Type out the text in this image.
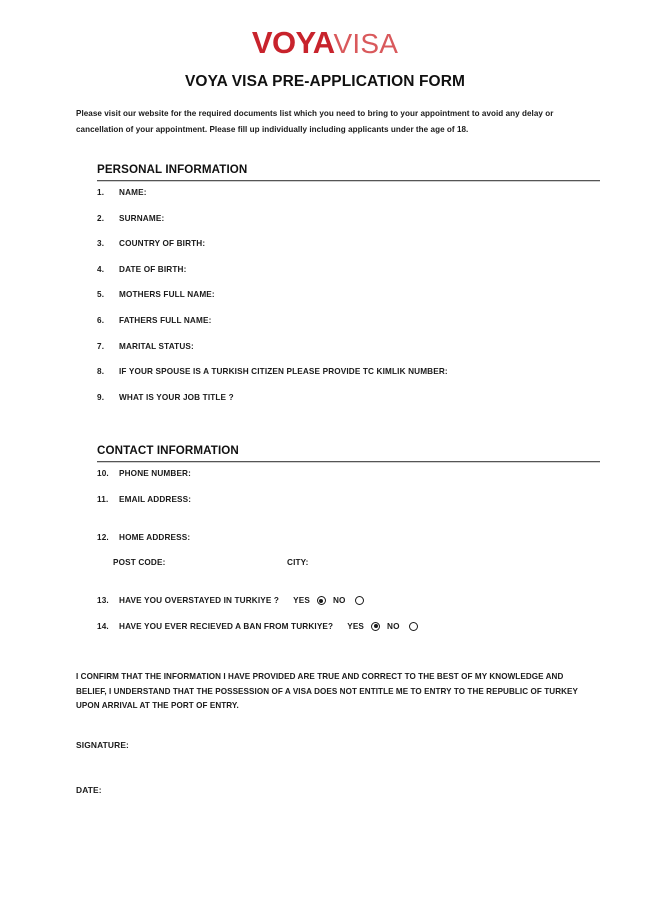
VOYAVISA
VOYA VISA PRE-APPLICATION FORM
Please visit our website for the required documents list which you need to bring to your appointment to avoid any delay or cancellation of your appointment. Please fill up individually including applicants under the age of 18.
PERSONAL INFORMATION
1.	NAME:
2.	SURNAME:
3.	COUNTRY OF BIRTH:
4.	DATE OF BIRTH:
5.	MOTHERS FULL NAME:
6.	FATHERS FULL NAME:
7.	MARITAL STATUS:
8.	IF YOUR SPOUSE IS A TURKISH CITIZEN PLEASE PROVIDE TC KIMLIK NUMBER:
9.	WHAT IS YOUR JOB TITLE ?
CONTACT INFORMATION
10.	PHONE NUMBER:
11.	EMAIL ADDRESS:
12.	HOME ADDRESS:
POST CODE:	CITY:
13.	HAVE YOU OVERSTAYED IN TURKIYE ? YES	NO
14.	HAVE YOU EVER RECIEVED A BAN FROM TURKIYE? YES	NO
I CONFIRM THAT THE INFORMATION I HAVE PROVIDED ARE TRUE AND CORRECT TO THE BEST OF MY KNOWLEDGE AND BELIEF, I UNDERSTAND THAT THE POSSESSION OF A VISA DOES NOT ENTITLE ME TO ENTRY TO THE REPUBLIC OF TURKEY UPON ARRIVAL AT THE PORT OF ENTRY.
SIGNATURE:
DATE:
